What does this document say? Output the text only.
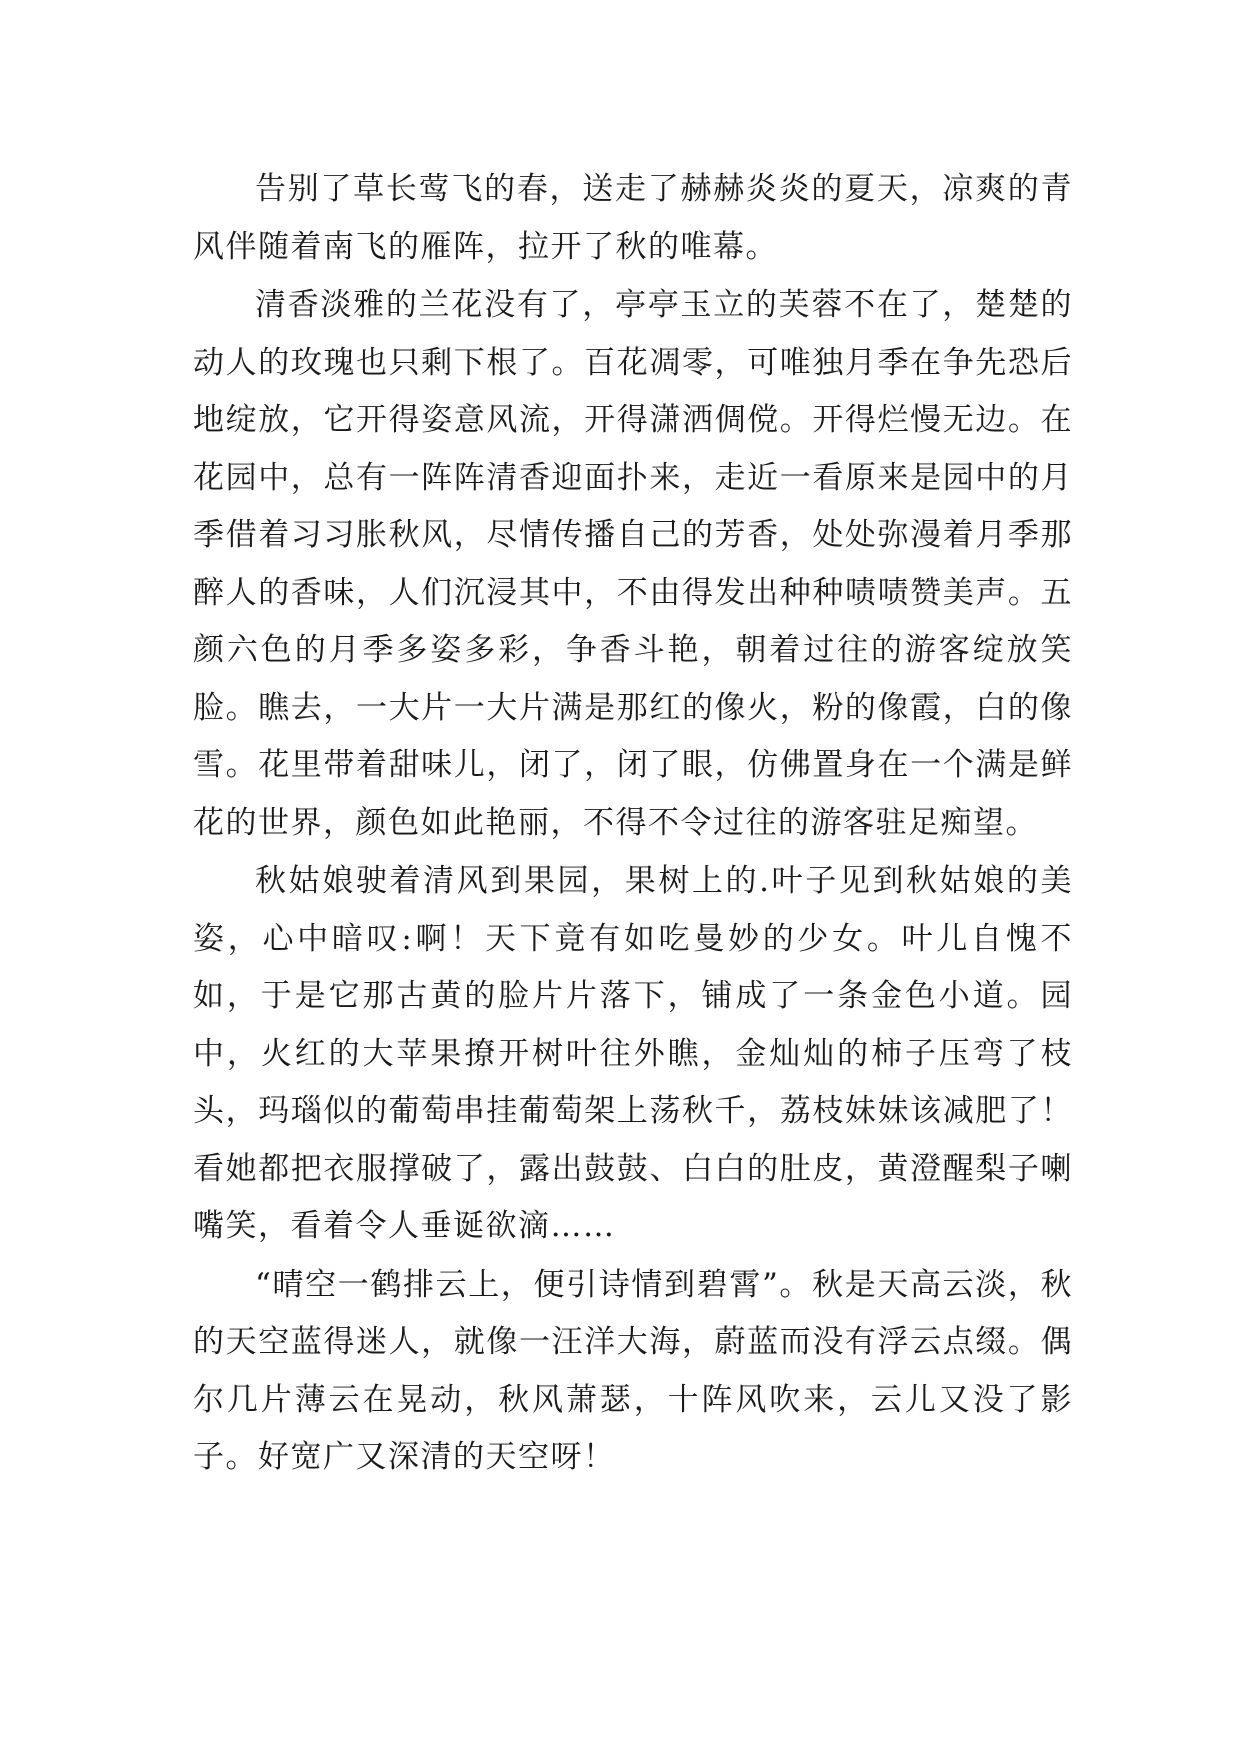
告别了草长莺飞的春，送走了赫赫炎炎的夏天，凉爽的青风伴随着南飞的雁阵，拉开了秋的唯幕。

清香淡雅的兰花没有了，亭亭玉立的芙蓉不在了，楚楚的动人的玫瑰也只剩下根了。百花凋零，可唯独月季在争先恐后地绽放，它开得姿意风流，开得潇洒倜傥。开得烂慢无边。在花园中，总有一阵阵清香迎面扑来，走近一看原来是园中的月季借着习习胀秋风，尽情传播自己的芳香，处处弥漫着月季那醉人的香味，人们沉浸其中，不由得发出种种啧啧赞美声。五颜六色的月季多姿多彩，争香斗艳，朝着过往的游客绽放笑脸。瞧去，一大片一大片满是那红的像火，粉的像霞，白的像雪。花里带着甜味儿，闭了，闭了眼，仿佛置身在一个满是鲜花的世界，颜色如此艳丽，不得不令过往的游客驻足痴望。

秋姑娘驶着清风到果园，果树上的.叶子见到秋姑娘的美姿，心中暗叹:啊！天下竟有如吃曼妙的少女。叶儿自愧不如，于是它那古黄的脸片片落下，铺成了一条金色小道。园中，火红的大苹果撩开树叶往外瞧，金灿灿的柿子压弯了枝头，玛瑙似的葡萄串挂葡萄架上荡秋千，荔枝妹妹该减肥了！看她都把衣服撑破了，露出鼓鼓、白白的肚皮，黄澄醒梨子喇嘴笑，看着令人垂诞欲滴……

“晴空一鹤排云上，便引诗情到碧霄”。秋是天高云淡，秋的天空蓝得迷人，就像一汪洋大海，蔚蓝而没有浮云点缀。偶尔几片薄云在晃动，秋风萧瑟，十阵风吹来，云儿又没了影子。好宽广又深清的天空呀！
